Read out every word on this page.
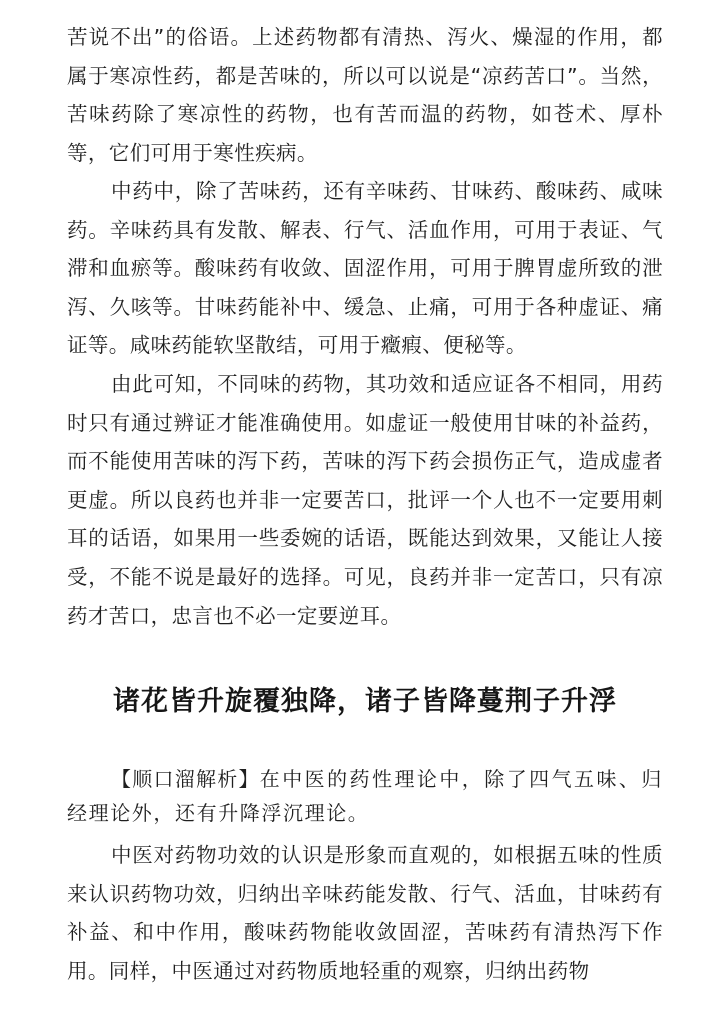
苦说不出”的俗语。上述药物都有清热、泻火、燥湿的作用，都属于寒凉性药，都是苦味的，所以可以说是“凉药苦口”。当然，苦味药除了寒凉性的药物，也有苦而温的药物，如苍术、厚朴等，它们可用于寒性疾病。

中药中，除了苦味药，还有辛味药、甘味药、酸味药、咸味药。辛味药具有发散、解表、行气、活血作用，可用于表证、气滞和血瘀等。酸味药有收敛、固涩作用，可用于脾胃虚所致的泄泻、久咳等。甘味药能补中、缓急、止痛，可用于各种虚证、痛证等。咸味药能软坚散结，可用于癥瘕、便秘等。

由此可知，不同味的药物，其功效和适应证各不相同，用药时只有通过辨证才能准确使用。如虚证一般使用甘味的补益药，而不能使用苦味的泻下药，苦味的泻下药会损伤正气，造成虚者更虚。所以良药也并非一定要苦口，批评一个人也不一定要用刺耳的话语，如果用一些委婉的话语，既能达到效果，又能让人接受，不能不说是最好的选择。可见，良药并非一定苦口，只有凉药才苦口，忠言也不必一定要逆耳。

诸花皆升旋覆独降，诸子皆降蔓荆子升浮

【顺口溜解析】在中医的药性理论中，除了四气五味、归经理论外，还有升降浮沉理论。

中医对药物功效的认识是形象而直观的，如根据五味的性质来认识药物功效，归纳出辛味药能发散、行气、活血，甘味药有补益、和中作用，酸味药物能收敛固涩，苦味药有清热泻下作用。同样，中医通过对药物质地轻重的观察，归纳出药物
